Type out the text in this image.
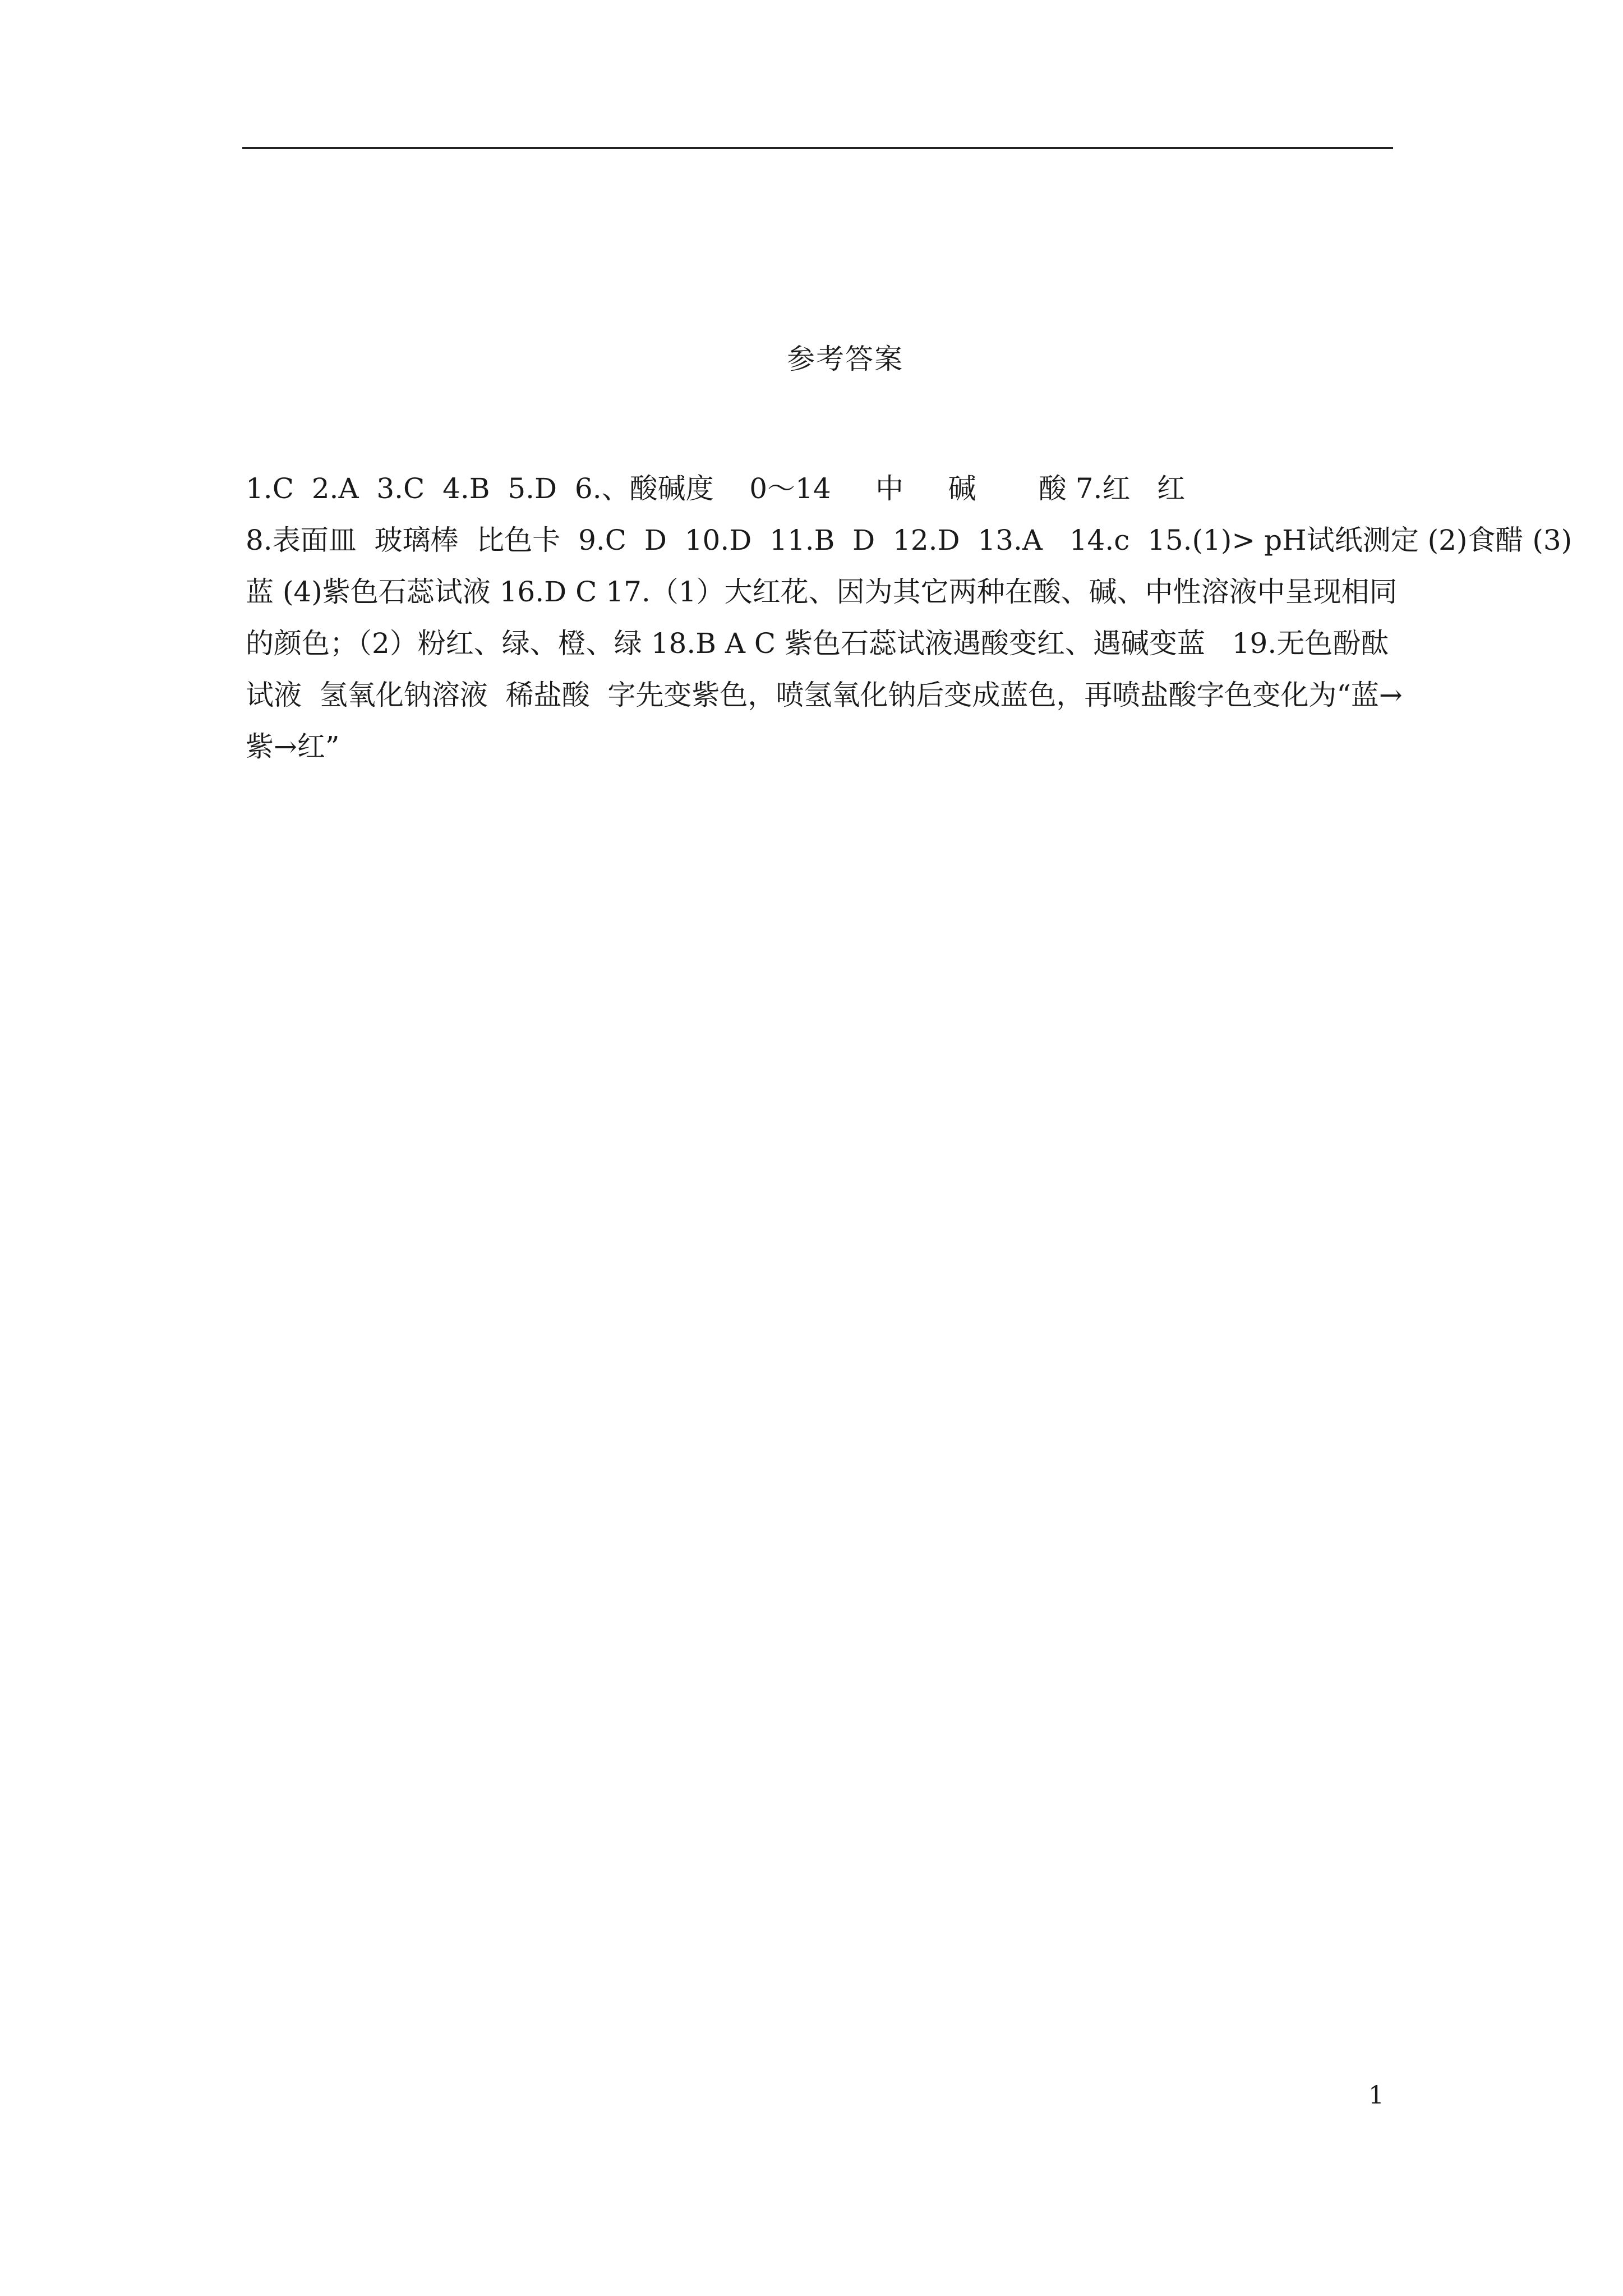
参考答案
1.C  2.A  3.C  4.B  5.D  6.、酸碱度    0～14     中     碱       酸 7.红   红
8.表面皿  玻璃棒  比色卡  9.C  D  10.D  11.B  D  12.D  13.A   14.c  15.(1)> pH试纸测定 (2)食醋 (3)
蓝 (4)紫色石蕊试液 16.D C 17.（1）大红花、因为其它两种在酸、碱、中性溶液中呈现相同
的颜色；（2）粉红、绿、橙、绿 18.B A C 紫色石蕊试液遇酸变红、遇碱变蓝   19.无色酚酞
试液  氢氧化钠溶液  稀盐酸  字先变紫色，喷氢氧化钠后变成蓝色，再喷盐酸字色变化为“蓝→
紫→红”
1
